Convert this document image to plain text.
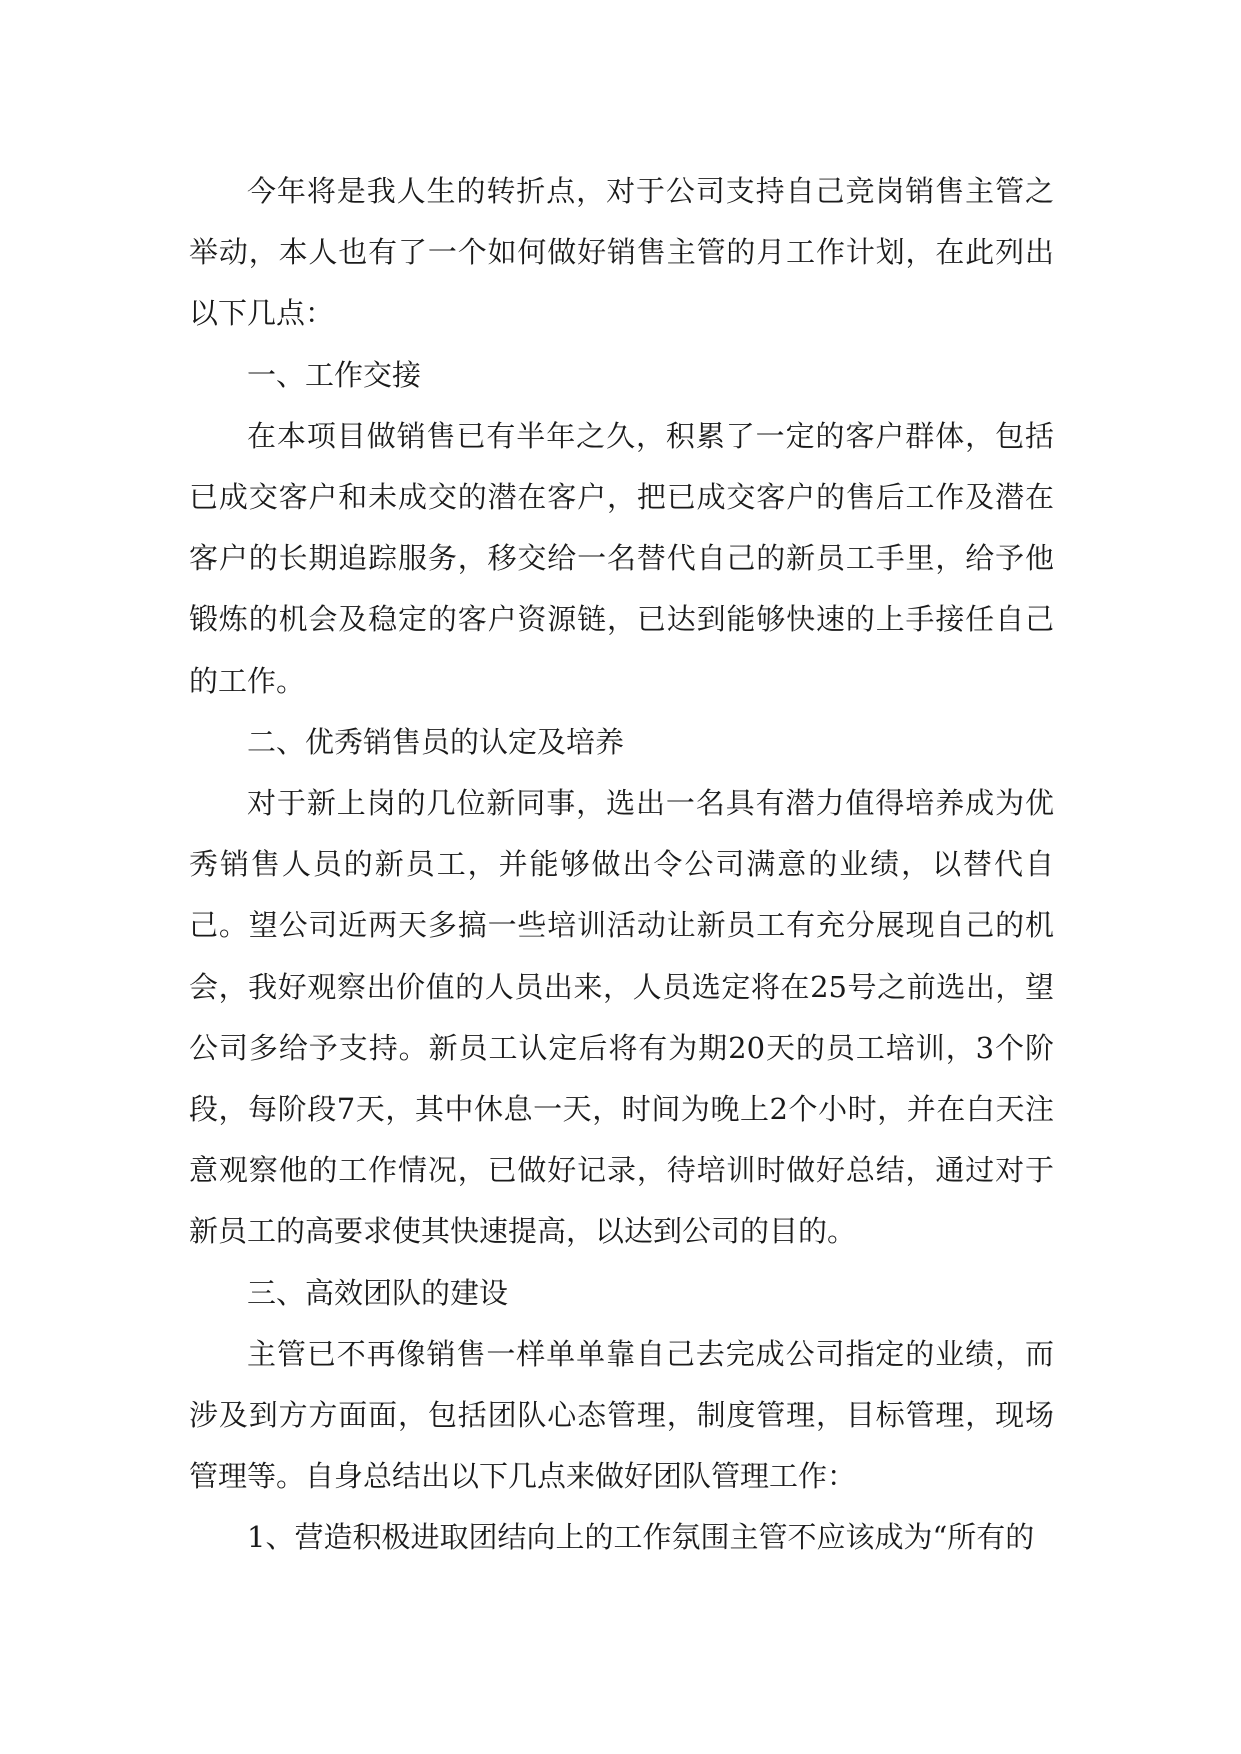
今年将是我人生的转折点，对于公司支持自己竞岗销售主管之举动，本人也有了一个如何做好销售主管的月工作计划，在此列出以下几点：

一、工作交接

在本项目做销售已有半年之久，积累了一定的客户群体，包括已成交客户和未成交的潜在客户，把已成交客户的售后工作及潜在客户的长期追踪服务，移交给一名替代自己的新员工手里，给予他锻炼的机会及稳定的客户资源链，已达到能够快速的上手接任自己的工作。

二、优秀销售员的认定及培养

对于新上岗的几位新同事，选出一名具有潜力值得培养成为优秀销售人员的新员工，并能够做出令公司满意的业绩，以替代自己。望公司近两天多搞一些培训活动让新员工有充分展现自己的机会，我好观察出价值的人员出来，人员选定将在25号之前选出，望公司多给予支持。新员工认定后将有为期20天的员工培训，3个阶段，每阶段7天，其中休息一天，时间为晚上2个小时，并在白天注意观察他的工作情况，已做好记录，待培训时做好总结，通过对于新员工的高要求使其快速提高，以达到公司的目的。

三、高效团队的建设

主管已不再像销售一样单单靠自己去完成公司指定的业绩，而涉及到方方面面，包括团队心态管理，制度管理，目标管理，现场管理等。自身总结出以下几点来做好团队管理工作：

1、营造积极进取团结向上的工作氛围主管不应该成为“所有的
